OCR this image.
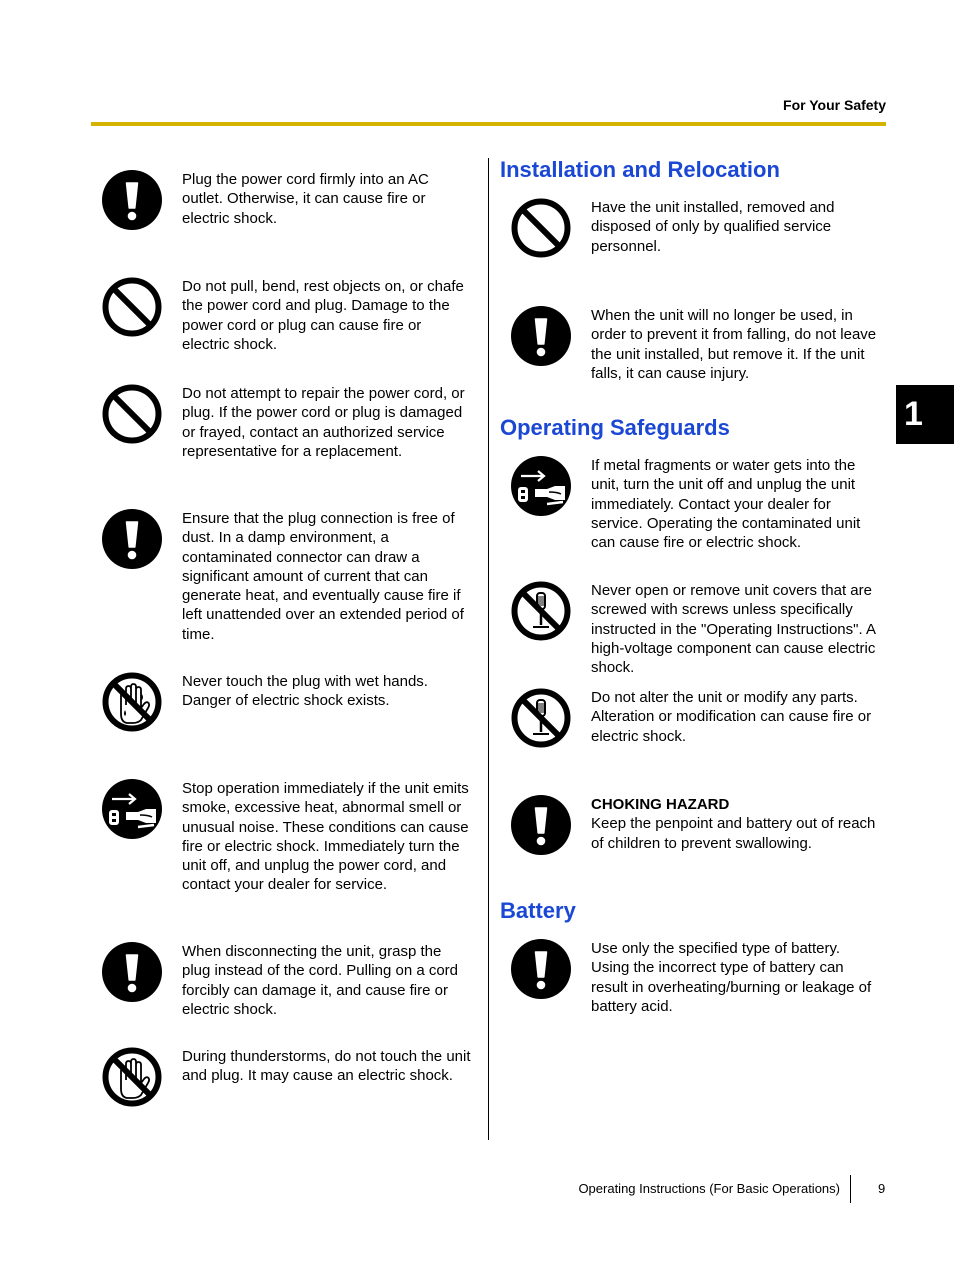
For Your Safety
1
Plug the power cord firmly into an AC outlet. Otherwise, it can cause fire or electric shock.
Do not pull, bend, rest objects on, or chafe the power cord and plug. Damage to the power cord or plug can cause fire or electric shock.
Do not attempt to repair the power cord, or plug. If the power cord or plug is damaged or frayed, contact an authorized service representative for a replacement.
Ensure that the plug connection is free of dust. In a damp environment, a contaminated connector can draw a significant amount of current that can generate heat, and eventually cause fire if left unattended over an extended period of time.
Never touch the plug with wet hands. Danger of electric shock exists.
Stop operation immediately if the unit emits smoke, excessive heat, abnormal smell or unusual noise. These conditions can cause fire or electric shock. Immediately turn the unit off, and unplug the power cord, and contact your dealer for service.
When disconnecting the unit, grasp the plug instead of the cord. Pulling on a cord forcibly can damage it, and cause fire or electric shock.
During thunderstorms, do not touch the unit and plug. It may cause an electric shock.
Installation and Relocation
Have the unit installed, removed and disposed of only by qualified service personnel.
When the unit will no longer be used, in order to prevent it from falling, do not leave the unit installed, but remove it. If the unit falls, it can cause injury.
Operating Safeguards
If metal fragments or water gets into the unit, turn the unit off and unplug the unit immediately. Contact your dealer for service. Operating the contaminated unit can cause fire or electric shock.
Never open or remove unit covers that are screwed with screws unless specifically instructed in the "Operating Instructions". A high-voltage component can cause electric shock.
Do not alter the unit or modify any parts. Alteration or modification can cause fire or electric shock.
CHOKING HAZARD
Keep the penpoint and battery out of reach of children to prevent swallowing.
Battery
Use only the specified type of battery. Using the incorrect type of battery can result in overheating/burning or leakage of battery acid.
Operating Instructions (For Basic Operations)	9
